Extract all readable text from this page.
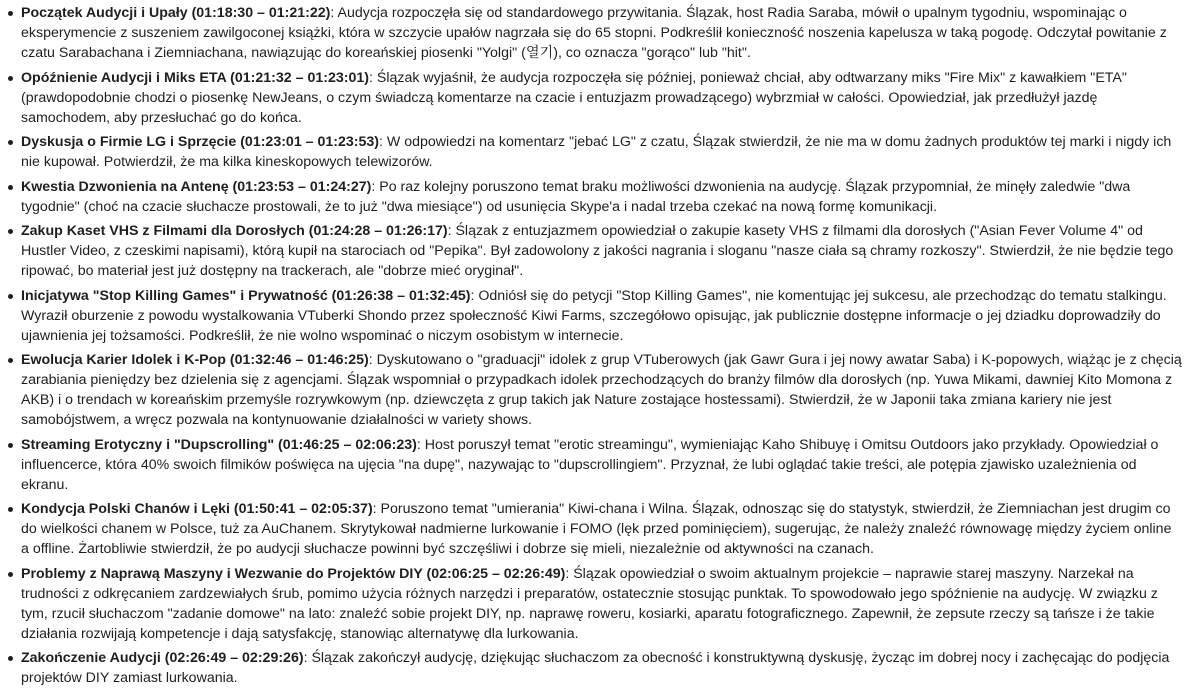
Początek Audycji i Upały (01:18:30 – 01:21:22): Audycja rozpoczęła się od standardowego przywitania. Ślązak, host Radia Saraba, mówił o upalnym tygodniu, wspominając o eksperymencie z suszeniem zawilgoconej książki, która w szczycie upałów nagrzała się do 65 stopni. Podkreślił konieczność noszenia kapelusza w taką pogodę. Odczytał powitanie z czatu Sarabachana i Ziemniachana, nawiązując do koreańskiej piosenki "Yolgi" (열기), co oznacza "gorąco" lub "hit".
Opóźnienie Audycji i Miks ETA (01:21:32 – 01:23:01): Ślązak wyjaśnił, że audycja rozpoczęła się później, ponieważ chciał, aby odtwarzany miks "Fire Mix" z kawałkiem "ETA" (prawdopodobnie chodzi o piosenkę NewJeans, o czym świadczą komentarze na czacie i entuzjazm prowadzącego) wybrzmiał w całości. Opowiedział, jak przedłużył jazdę samochodem, aby przesłuchać go do końca.
Dyskusja o Firmie LG i Sprzęcie (01:23:01 – 01:23:53): W odpowiedzi na komentarz "jebać LG" z czatu, Ślązak stwierdził, że nie ma w domu żadnych produktów tej marki i nigdy ich nie kupował. Potwierdził, że ma kilka kineskopowych telewizorów.
Kwestia Dzwonienia na Antenę (01:23:53 – 01:24:27): Po raz kolejny poruszono temat braku możliwości dzwonienia na audycję. Ślązak przypomniał, że minęły zaledwie "dwa tygodnie" (choć na czacie słuchacze prostowali, że to już "dwa miesiące") od usunięcia Skype'a i nadal trzeba czekać na nową formę komunikacji.
Zakup Kaset VHS z Filmami dla Dorosłych (01:24:28 – 01:26:17): Ślązak z entuzjazmem opowiedział o zakupie kasety VHS z filmami dla dorosłych ("Asian Fever Volume 4" od Hustler Video, z czeskimi napisami), którą kupił na starociach od "Pepika". Był zadowolony z jakości nagrania i sloganu "nasze ciała są chramy rozkoszy". Stwierdził, że nie będzie tego ripować, bo materiał jest już dostępny na trackerach, ale "dobrze mieć oryginał".
Inicjatywa "Stop Killing Games" i Prywatność (01:26:38 – 01:32:45): Odniósł się do petycji "Stop Killing Games", nie komentując jej sukcesu, ale przechodząc do tematu stalkingu. Wyraził oburzenie z powodu wystalkowania VTuberki Shondo przez społeczność Kiwi Farms, szczegółowo opisując, jak publicznie dostępne informacje o jej dziadku doprowadziły do ujawnienia jej tożsamości. Podkreślił, że nie wolno wspominać o niczym osobistym w internecie.
Ewolucja Karier Idolek i K-Pop (01:32:46 – 01:46:25): Dyskutowano o "graduacji" idolek z grup VTuberowych (jak Gawr Gura i jej nowy awatar Saba) i K-popowych, wiążąc je z chęcią zarabiania pieniędzy bez dzielenia się z agencjami. Ślązak wspomniał o przypadkach idolek przechodzących do branży filmów dla dorosłych (np. Yuwa Mikami, dawniej Kito Momona z AKB) i o trendach w koreańskim przemyśle rozrywkowym (np. dziewczęta z grup takich jak Nature zostające hostessami). Stwierdził, że w Japonii taka zmiana kariery nie jest samobójstwem, a wręcz pozwala na kontynuowanie działalności w variety shows.
Streaming Erotyczny i "Dupscrolling" (01:46:25 – 02:06:23): Host poruszył temat "erotic streamingu", wymieniając Kaho Shibuyę i Omitsu Outdoors jako przykłady. Opowiedział o influencerce, która 40% swoich filmików poświęca na ujęcia "na dupę", nazywając to "dupscrollingiem". Przyznał, że lubi oglądać takie treści, ale potępia zjawisko uzależnienia od ekranu.
Kondycja Polski Chanów i Lęki (01:50:41 – 02:05:37): Poruszono temat "umierania" Kiwi-chana i Wilna. Ślązak, odnosząc się do statystyk, stwierdził, że Ziemniachan jest drugim co do wielkości chanem w Polsce, tuż za AuChanem. Skrytykował nadmierne lurkowanie i FOMO (lęk przed pominięciem), sugerując, że należy znaleźć równowagę między życiem online a offline. Żartobliwie stwierdził, że po audycji słuchacze powinni być szczęśliwi i dobrze się mieli, niezależnie od aktywności na czanach.
Problemy z Naprawą Maszyny i Wezwanie do Projektów DIY (02:06:25 – 02:26:49): Ślązak opowiedział o swoim aktualnym projekcie – naprawie starej maszyny. Narzekał na trudności z odkręcaniem zardzewiałych śrub, pomimo użycia różnych narzędzi i preparatów, ostatecznie stosując punktak. To spowodowało jego spóźnienie na audycję. W związku z tym, rzucił słuchaczom "zadanie domowe" na lato: znaleźć sobie projekt DIY, np. naprawę roweru, kosiarki, aparatu fotograficznego. Zapewnił, że zepsute rzeczy są tańsze i że takie działania rozwijają kompetencje i dają satysfakcję, stanowiąc alternatywę dla lurkowania.
Zakończenie Audycji (02:26:49 – 02:29:26): Ślązak zakończył audycję, dziękując słuchaczom za obecność i konstruktywną dyskusję, życząc im dobrej nocy i zachęcając do podjęcia projektów DIY zamiast lurkowania.
